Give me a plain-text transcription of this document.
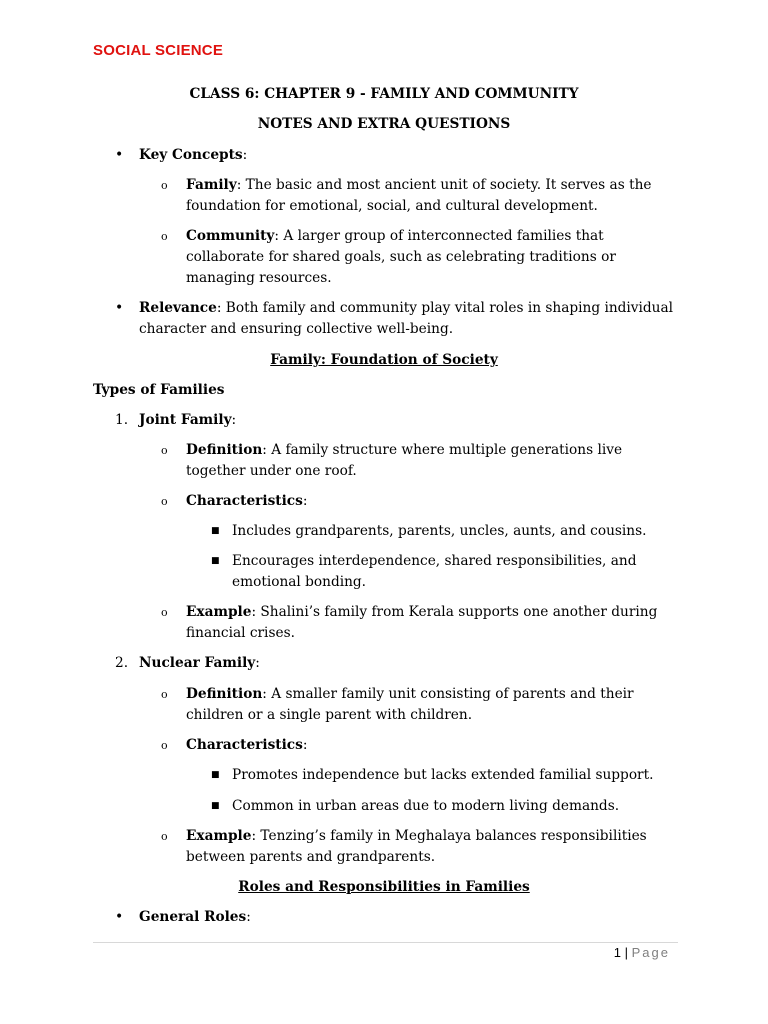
SOCIAL SCIENCE

CLASS 6: CHAPTER 9 - FAMILY AND COMMUNITY

NOTES AND EXTRA QUESTIONS

• Key Concepts:
o Family: The basic and most ancient unit of society. It serves as the foundation for emotional, social, and cultural development.
o Community: A larger group of interconnected families that collaborate for shared goals, such as celebrating traditions or managing resources.
• Relevance: Both family and community play vital roles in shaping individual character and ensuring collective well-being.

Family: Foundation of Society

Types of Families

1. Joint Family:
o Definition: A family structure where multiple generations live together under one roof.
o Characteristics:
■ Includes grandparents, parents, uncles, aunts, and cousins.
■ Encourages interdependence, shared responsibilities, and emotional bonding.
o Example: Shalini’s family from Kerala supports one another during financial crises.
2. Nuclear Family:
o Definition: A smaller family unit consisting of parents and their children or a single parent with children.
o Characteristics:
■ Promotes independence but lacks extended familial support.
■ Common in urban areas due to modern living demands.
o Example: Tenzing’s family in Meghalaya balances responsibilities between parents and grandparents.

Roles and Responsibilities in Families

• General Roles:
1 | Page
